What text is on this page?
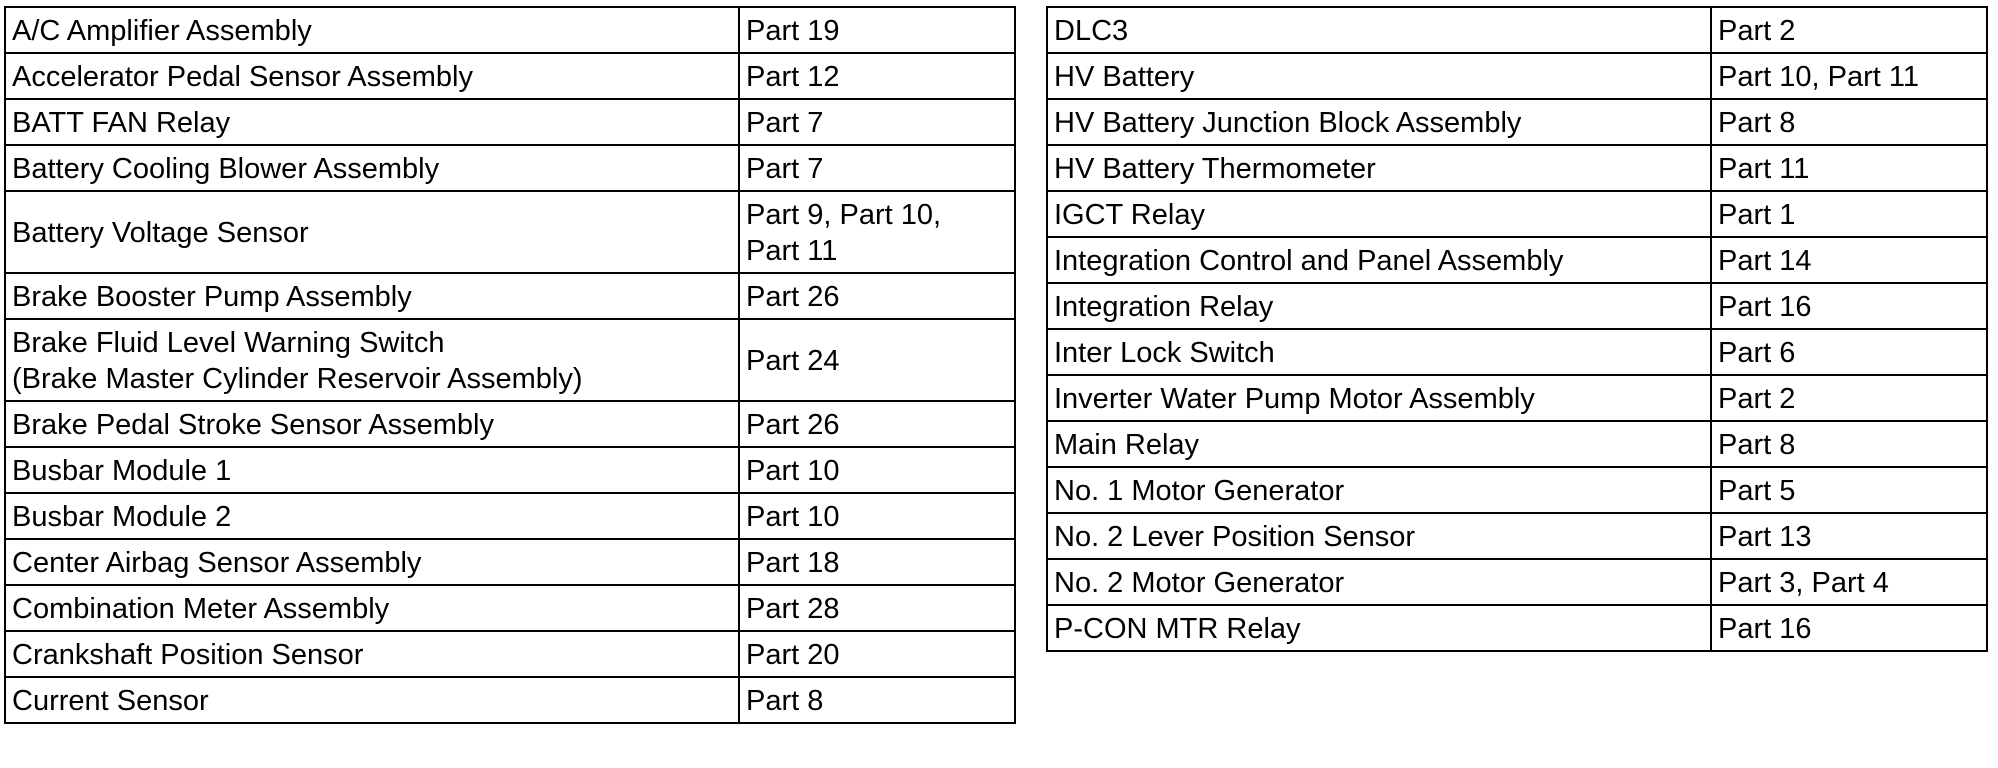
A/C Amplifier Assembly	Part 19

Accelerator Pedal Sensor Assembly	Part 12

BATT FAN Relay	Part 7

Battery Cooling Blower Assembly	Part 7

Battery Voltage Sensor	Part 9, Part 10,
Part 11

Brake Booster Pump Assembly	Part 26

Brake Fluid Level Warning Switch
(Brake Master Cylinder Reservoir Assembly)	Part 24

Brake Pedal Stroke Sensor Assembly	Part 26

Busbar Module 1	Part 10

Busbar Module 2	Part 10

Center Airbag Sensor Assembly	Part 18

Combination Meter Assembly	Part 28

Crankshaft Position Sensor	Part 20

Current Sensor	Part 8
DLC3	Part 2

HV Battery	Part 10, Part 11

HV Battery Junction Block Assembly	Part 8

HV Battery Thermometer	Part 11

IGCT Relay	Part 1

Integration Control and Panel Assembly	Part 14

Integration Relay	Part 16

Inter Lock Switch	Part 6

Inverter Water Pump Motor Assembly	Part 2

Main Relay	Part 8

No. 1 Motor Generator	Part 5

No. 2 Lever Position Sensor	Part 13

No. 2 Motor Generator	Part 3, Part 4

P-CON MTR Relay	Part 16
